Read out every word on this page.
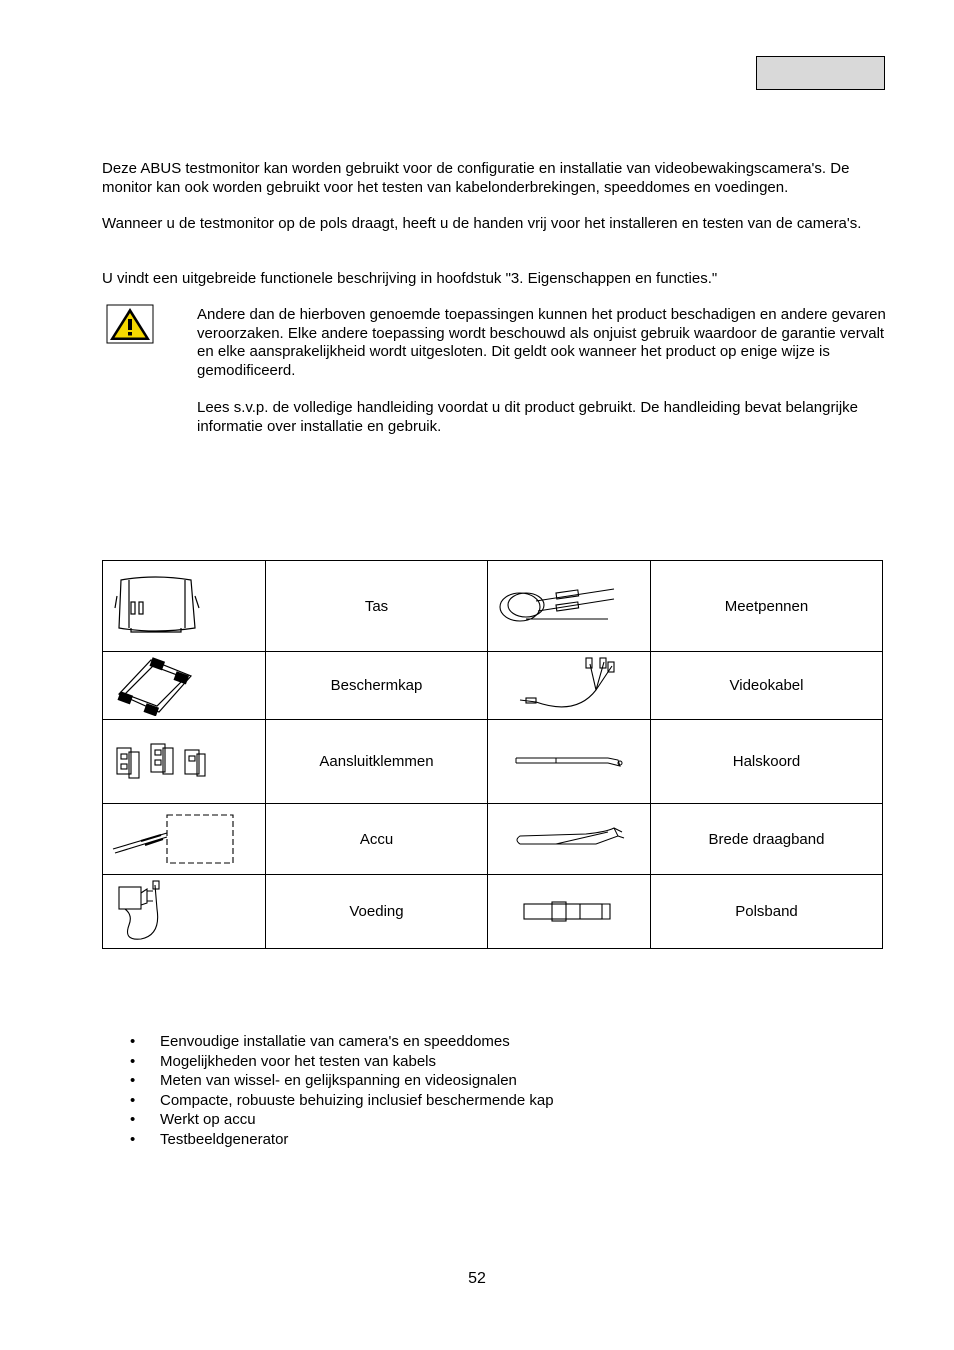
Deze ABUS testmonitor kan worden gebruikt voor de configuratie en installatie van videobewakingscamera's. De monitor kan ook worden gebruikt voor het testen van kabelonderbrekingen, speeddomes en voedingen.

Wanneer u de testmonitor op de pols draagt, heeft u de handen vrij voor het installeren en testen van de camera's.

U vindt een uitgebreide functionele beschrijving in hoofdstuk "3. Eigenschappen en functies."

Andere dan de hierboven genoemde toepassingen kunnen het product beschadigen en andere gevaren veroorzaken. Elke andere toepassing wordt beschouwd als onjuist gebruik waardoor de garantie vervalt en elke aansprakelijkheid wordt uitgesloten. Dit geldt ook wanneer het product op enige wijze is gemodificeerd.

Lees s.v.p. de volledige handleiding voordat u dit product gebruikt. De handleiding bevat belangrijke informatie over installatie en gebruik.

	Tas		Meetpennen

	Beschermkap		Videokabel

	Aansluitklemmen		Halskoord

	Accu		Brede draagband

	Voeding		Polsband
• Eenvoudige installatie van camera's en speeddomes
• Mogelijkheden voor het testen van kabels
• Meten van wissel- en gelijkspanning en videosignalen
• Compacte, robuuste behuizing inclusief beschermende kap
• Werkt op accu
• Testbeeldgenerator
52
